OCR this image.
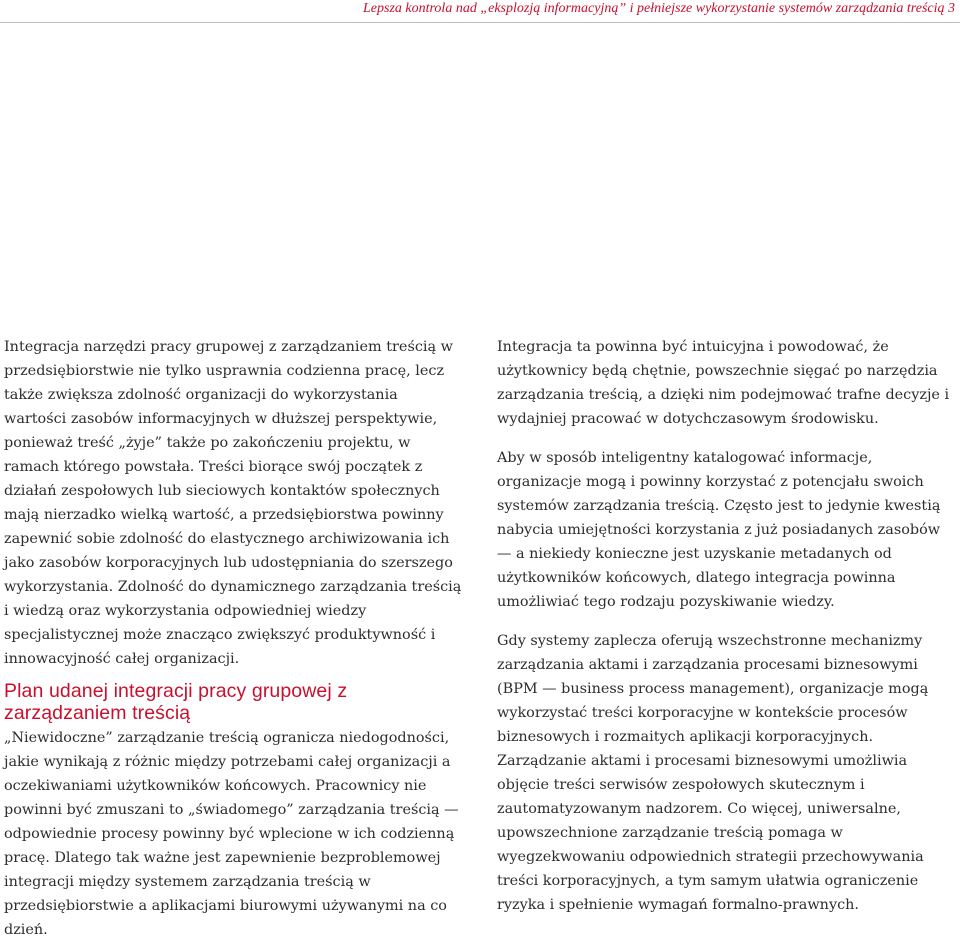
Lepsza kontrola nad „eksplozją informacyjną” i pełniejsze wykorzystanie systemów zarządzania treścią 3

Integracja narzędzi pracy grupowej z zarządzaniem treścią w przedsiębiorstwie nie tylko usprawnia codzienna pracę, lecz także zwiększa zdolność organizacji do wykorzystania wartości zasobów informacyjnych w dłuższej perspektywie, ponieważ treść „żyje” także po zakończeniu projektu, w ramach którego powstała. Treści biorące swój początek z działań zespołowych lub sieciowych kontaktów społecznych mają nierzadko wielką wartość, a przedsiębiorstwa powinny zapewnić sobie zdolność do elastycznego archiwizowania ich jako zasobów korporacyjnych lub udostępniania do szerszego wykorzystania. Zdolność do dynamicznego zarządzania treścią i wiedzą oraz wykorzystania odpowiedniej wiedzy specjalistycznej może znacząco zwiększyć produktywność i innowacyjność całej organizacji.

Plan udanej integracji pracy grupowej z zarządzaniem treścią

„Niewidoczne” zarządzanie treścią ogranicza niedogodności, jakie wynikają z różnic między potrzebami całej organizacji a oczekiwaniami użytkowników końcowych. Pracownicy nie powinni być zmuszani to „świadomego” zarządzania treścią — odpowiednie procesy powinny być wplecione w ich codzienną pracę. Dlatego tak ważne jest zapewnienie bezproblemowej integracji między systemem zarządzania treścią w przedsiębiorstwie a aplikacjami biurowymi używanymi na co dzień.

Integracja ta powinna być intuicyjna i powodować, że użytkownicy będą chętnie, powszechnie sięgać po narzędzia zarządzania treścią, a dzięki nim podejmować trafne decyzje i wydajniej pracować w dotychczasowym środowisku.

Aby w sposób inteligentny katalogować informacje, organizacje mogą i powinny korzystać z potencjału swoich systemów zarządzania treścią. Często jest to jedynie kwestią nabycia umiejętności korzystania z już posiadanych zasobów — a niekiedy konieczne jest uzyskanie metadanych od użytkowników końcowych, dlatego integracja powinna umożliwiać tego rodzaju pozyskiwanie wiedzy.

Gdy systemy zaplecza oferują wszechstronne mechanizmy zarządzania aktami i zarządzania procesami biznesowymi (BPM — business process management), organizacje mogą wykorzystać treści korporacyjne w kontekście procesów biznesowych i rozmaitych aplikacji korporacyjnych. Zarządzanie aktami i procesami biznesowymi umożliwia objęcie treści serwisów zespołowych skutecznym i zautomatyzowanym nadzorem. Co więcej, uniwersalne, upowszechnione zarządzanie treścią pomaga w wyegzekwowaniu odpowiednich strategii przechowywania treści korporacyjnych, a tym samym ułatwia ograniczenie ryzyka i spełnienie wymagań formalno-prawnych.
